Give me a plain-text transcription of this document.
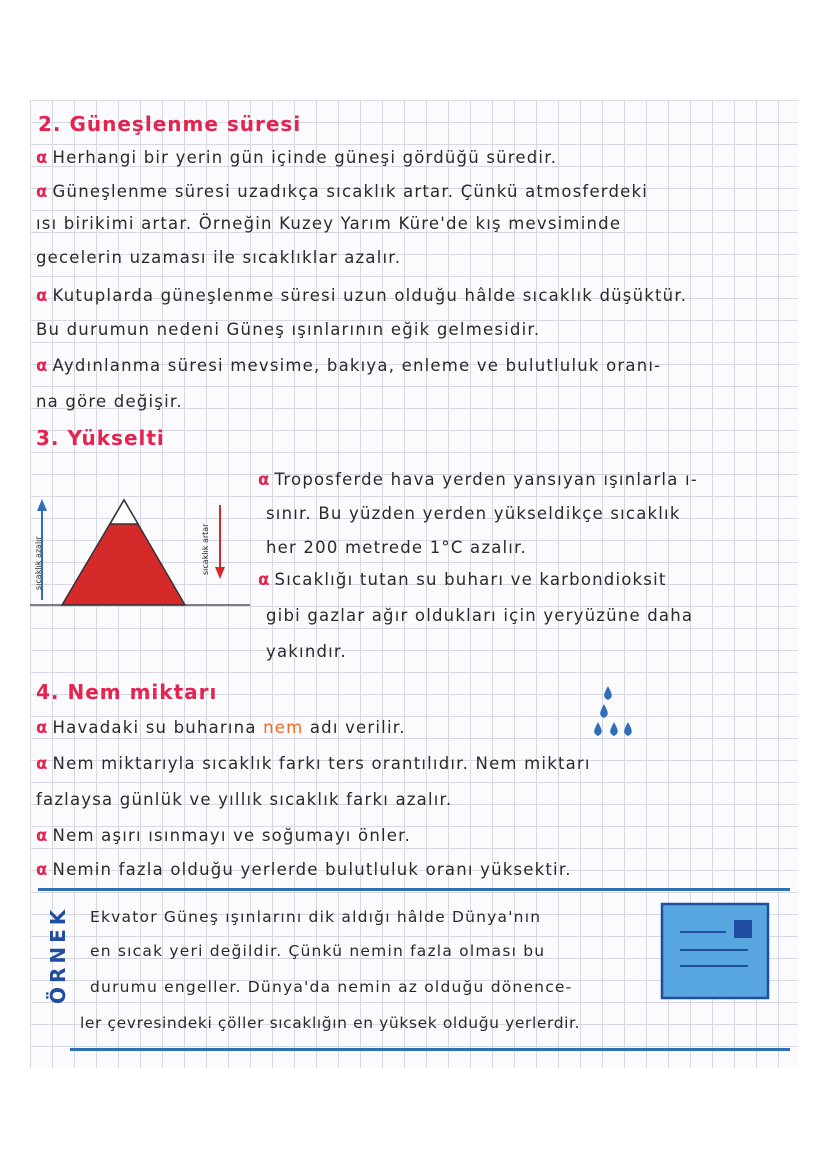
2. Güneşlenme süresi
α Herhangi bir yerin gün içinde güneşi gördüğü süredir.
α Güneşlenme süresi uzadıkça sıcaklık artar. Çünkü atmosferdeki
ısı birikimi artar. Örneğin Kuzey Yarım Küre'de kış mevsiminde
gecelerin uzaması ile sıcaklıklar azalır.
α Kutuplarda güneşlenme süresi uzun olduğu hâlde sıcaklık düşüktür.
Bu durumun nedeni Güneş ışınlarının eğik gelmesidir.
α Aydınlanma süresi mevsime, bakıya, enleme ve bulutluluk oranı-
na göre değişir.
3. Yükselti
sıcaklık azalır	sıcaklık artar
α Troposferde hava yerden yansıyan ışınlarla ı-
sınır. Bu yüzden yerden yükseldikçe sıcaklık
her 200 metrede 1°C azalır.
α Sıcaklığı tutan su buharı ve karbondioksit
gibi gazlar ağır oldukları için yeryüzüne daha
yakındır.
4. Nem miktarı
α Havadaki su buharına nem adı verilir.
α Nem miktarıyla sıcaklık farkı ters orantılıdır. Nem miktarı
fazlaysa günlük ve yıllık sıcaklık farkı azalır.
α Nem aşırı ısınmayı ve soğumayı önler.
α Nemin fazla olduğu yerlerde bulutluluk oranı yüksektir.
ÖRNEK	Ekvator Güneş ışınlarını dik aldığı hâlde Dünya'nın
en sıcak yeri değildir. Çünkü nemin fazla olması bu
durumu engeller. Dünya'da nemin az olduğu dönence-
ler çevresindeki çöller sıcaklığın en yüksek olduğu yerlerdir.
